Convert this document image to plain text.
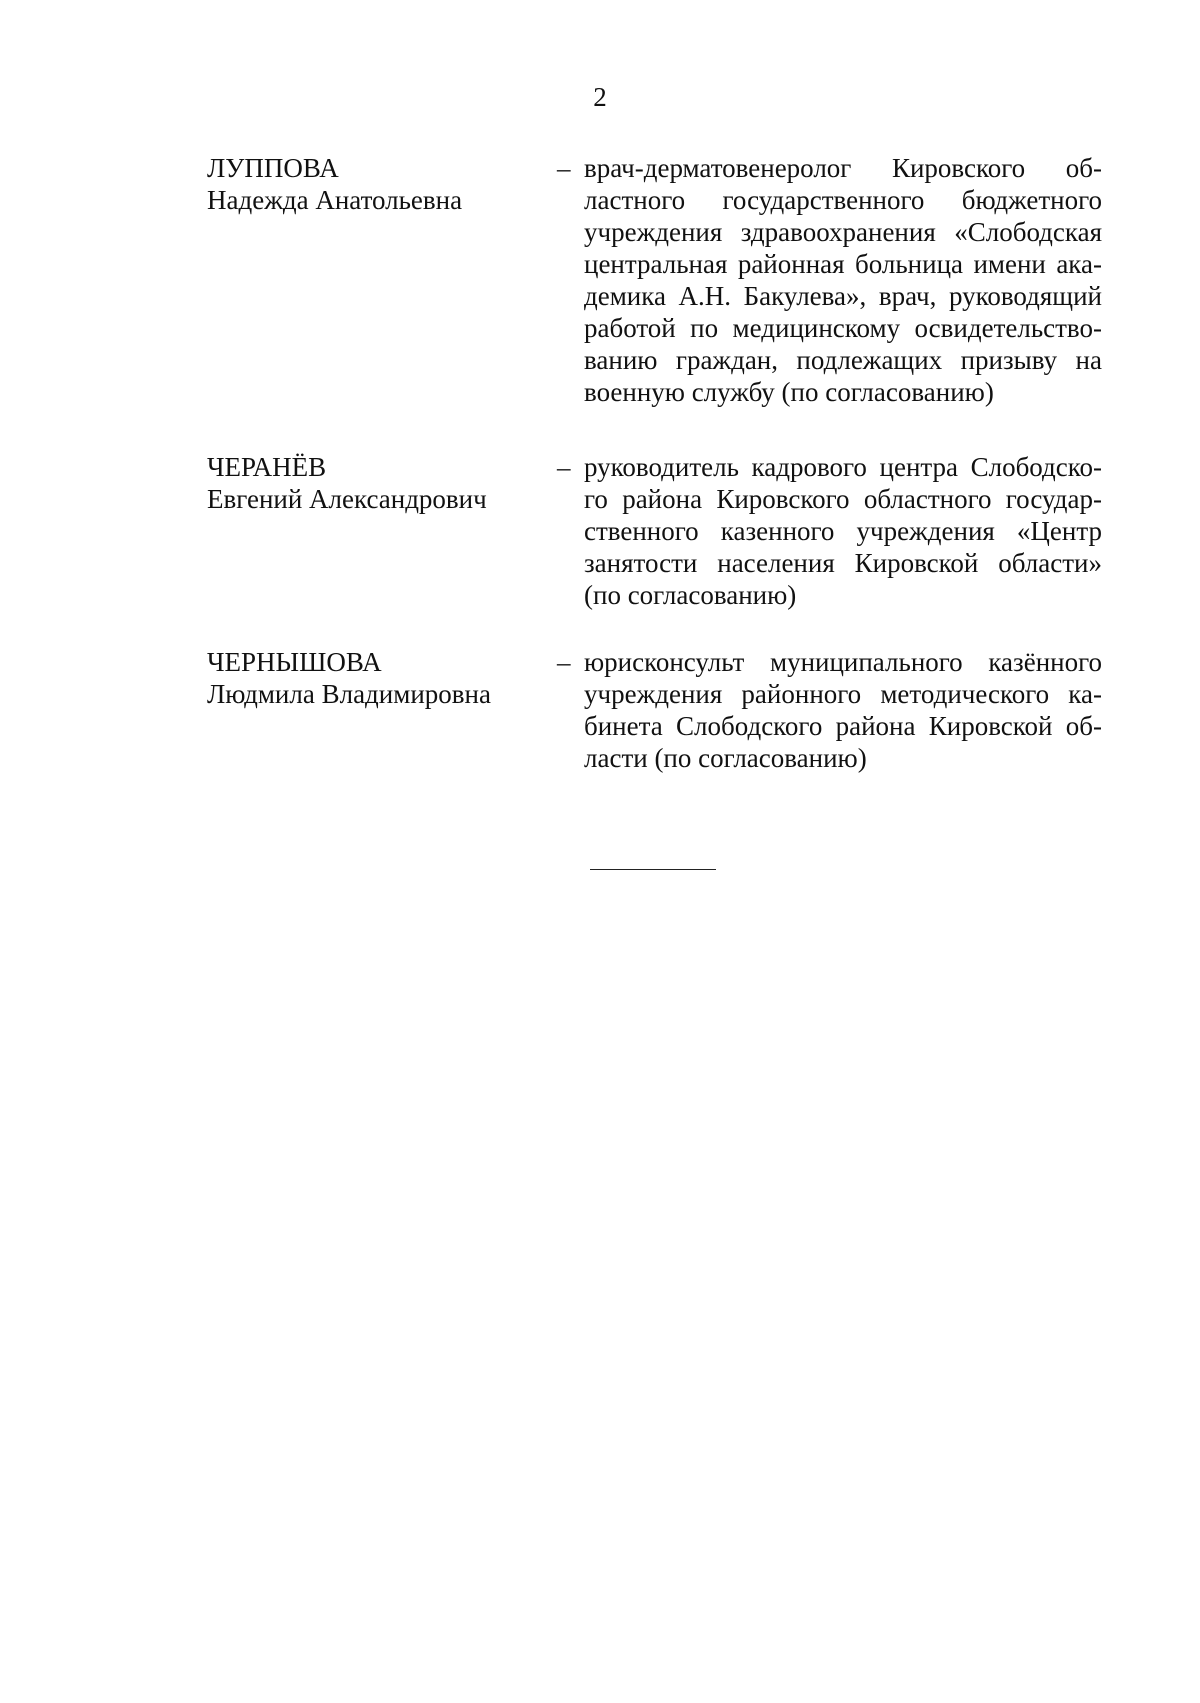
2
ЛУППОВА
Надежда Анатольевна
– врач-дерматовенеролог Кировского об-
ластного государственного бюджетного
учреждения здравоохранения «Слободская
центральная районная больница имени ака-
демика А.Н. Бакулева», врач, руководящий
работой по медицинскому освидетельство-
ванию граждан, подлежащих призыву на
военную службу (по согласованию)
ЧЕРАНЁВ
Евгений Александрович
– руководитель кадрового центра Слободско-
го района Кировского областного государ-
ственного казенного учреждения «Центр
занятости населения Кировской области»
(по согласованию)
ЧЕРНЫШОВА
Людмила Владимировна
– юрисконсульт муниципального казённого
учреждения районного методического ка-
бинета Слободского района Кировской об-
ласти (по согласованию)
